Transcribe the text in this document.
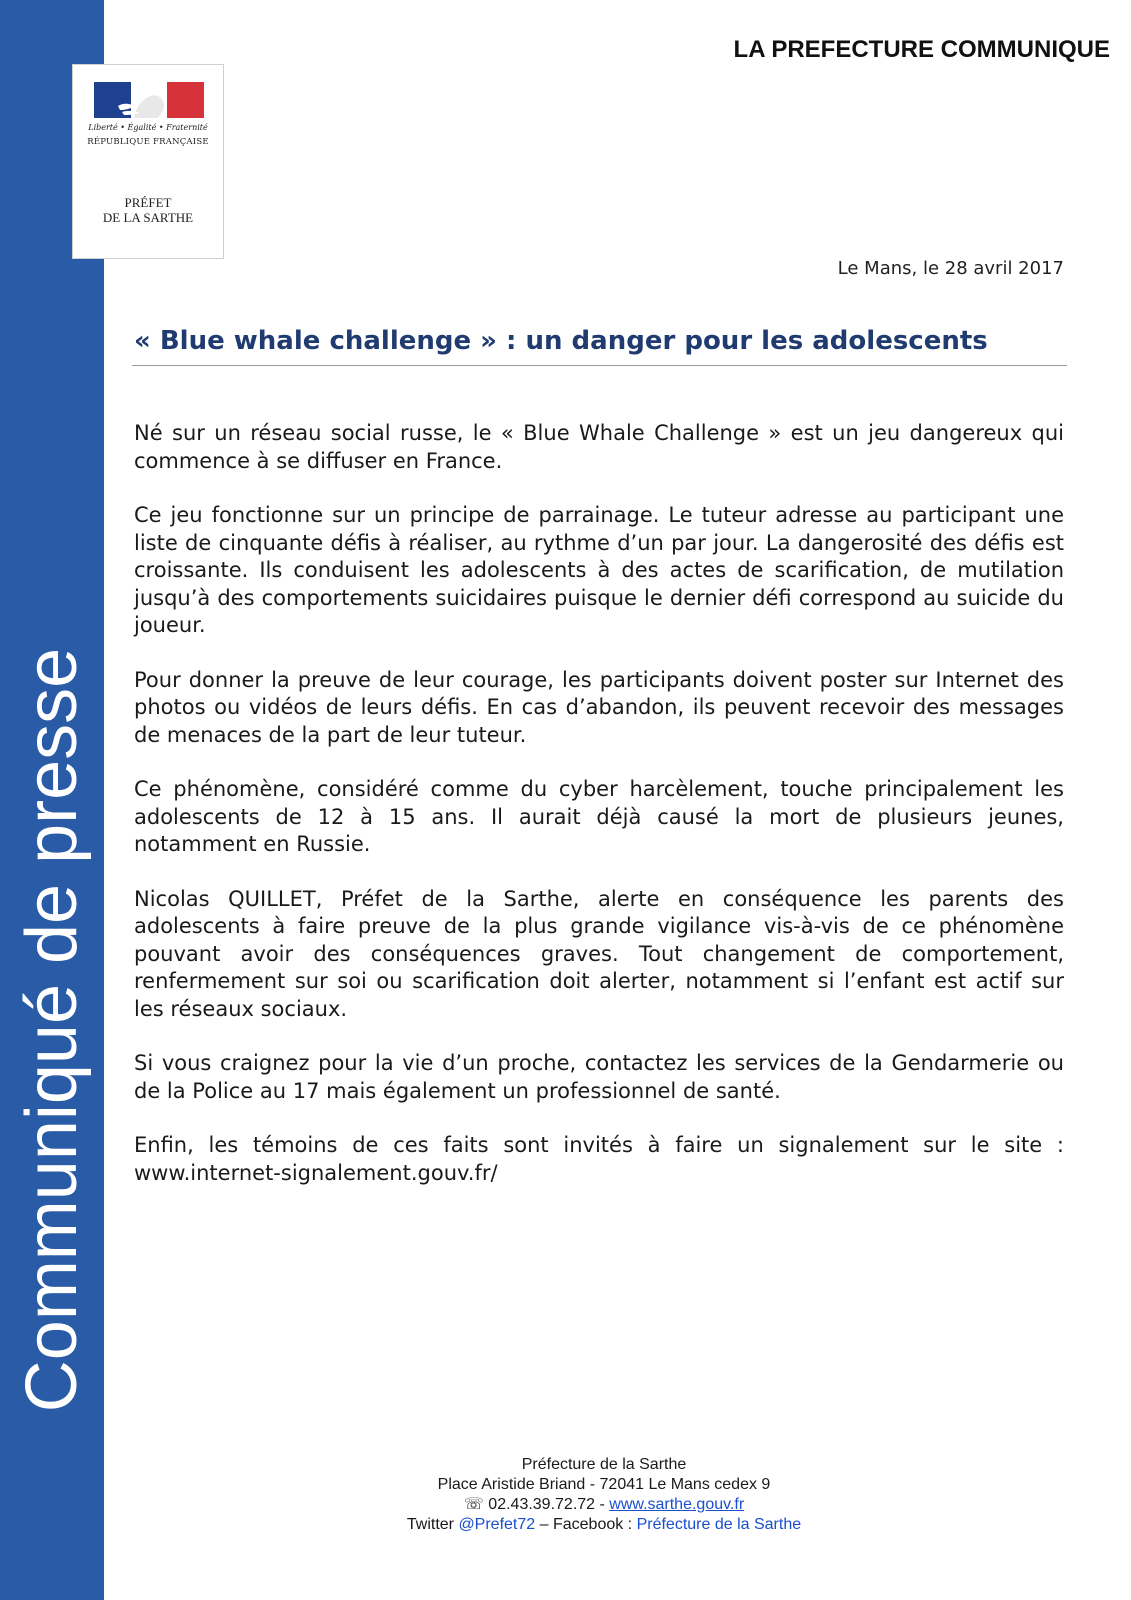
Communiqué de presse
Liberté • Égalité • Fraternité
RÉPUBLIQUE FRANÇAISE
PRÉFET
DE LA SARTHE
LA PREFECTURE COMMUNIQUE
Le Mans, le 28 avril 2017
« Blue whale challenge » : un danger pour les adolescents

Né sur un réseau social russe, le « Blue Whale Challenge » est un jeu dangereux qui commence à se diffuser en France.

Ce jeu fonctionne sur un principe de parrainage. Le tuteur adresse au participant une liste de cinquante défis à réaliser, au rythme d’un par jour. La dangerosité des défis est croissante. Ils conduisent les adolescents à des actes de scarification, de mutilation jusqu’à des comportements suicidaires puisque le dernier défi correspond au suicide du joueur.

Pour donner la preuve de leur courage, les participants doivent poster sur Internet des photos ou vidéos de leurs défis. En cas d’abandon, ils peuvent recevoir des messages de menaces de la part de leur tuteur.

Ce phénomène, considéré comme du cyber harcèlement, touche principalement les adolescents de 12 à 15 ans. Il aurait déjà causé la mort de plusieurs jeunes, notamment en Russie.

Nicolas QUILLET, Préfet de la Sarthe, alerte en conséquence les parents des adolescents à faire preuve de la plus grande vigilance vis-à-vis de ce phénomène pouvant avoir des conséquences graves. Tout changement de comportement, renfermement sur soi ou scarification doit alerter, notamment si l’enfant est actif sur les réseaux sociaux.

Si vous craignez pour la vie d’un proche, contactez les services de la Gendarmerie ou de la Police au 17 mais également un professionnel de santé.

Enfin, les témoins de ces faits sont invités à faire un signalement sur le site : www.internet-signalement.gouv.fr/

Préfecture de la Sarthe
Place Aristide Briand - 72041 Le Mans cedex 9
☏ 02.43.39.72.72 - www.sarthe.gouv.fr
Twitter @Prefet72 – Facebook : Préfecture de la Sarthe
